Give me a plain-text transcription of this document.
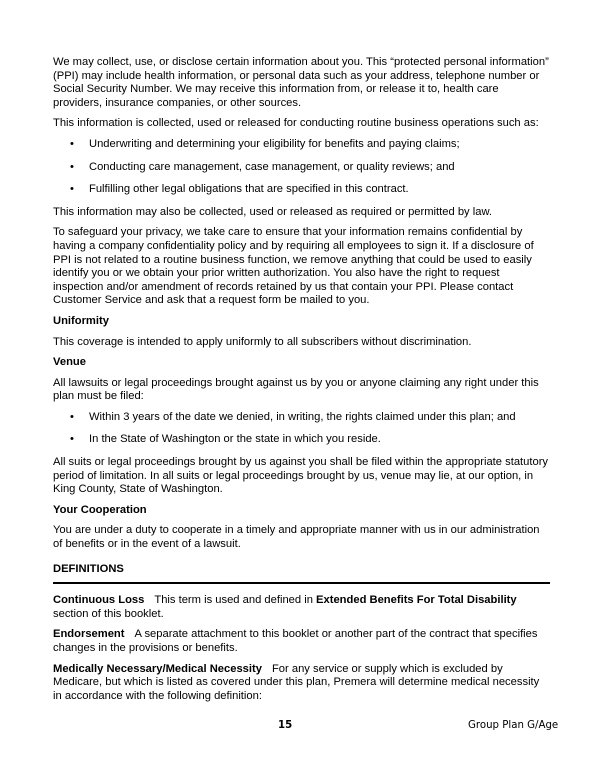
We may collect, use, or disclose certain information about you. This “protected personal information” (PPI) may include health information, or personal data such as your address, telephone number or Social Security Number. We may receive this information from, or release it to, health care providers, insurance companies, or other sources.

This information is collected, used or released for conducting routine business operations such as:

• Underwriting and determining your eligibility for benefits and paying claims;
• Conducting care management, case management, or quality reviews; and
• Fulfilling other legal obligations that are specified in this contract.

This information may also be collected, used or released as required or permitted by law.

To safeguard your privacy, we take care to ensure that your information remains confidential by having a company confidentiality policy and by requiring all employees to sign it. If a disclosure of PPI is not related to a routine business function, we remove anything that could be used to easily identify you or we obtain your prior written authorization. You also have the right to request inspection and/or amendment of records retained by us that contain your PPI. Please contact Customer Service and ask that a request form be mailed to you.

Uniformity

This coverage is intended to apply uniformly to all subscribers without discrimination.

Venue

All lawsuits or legal proceedings brought against us by you or anyone claiming any right under this plan must be filed:

• Within 3 years of the date we denied, in writing, the rights claimed under this plan; and
• In the State of Washington or the state in which you reside.

All suits or legal proceedings brought by us against you shall be filed within the appropriate statutory period of limitation. In all suits or legal proceedings brought by us, venue may lie, at our option, in King County, State of Washington.

Your Cooperation

You are under a duty to cooperate in a timely and appropriate manner with us in our administration of benefits or in the event of a lawsuit.

DEFINITIONS

Continuous Loss This term is used and defined in Extended Benefits For Total Disability section of this booklet.

Endorsement A separate attachment to this booklet or another part of the contract that specifies changes in the provisions or benefits.

Medically Necessary/Medical Necessity For any service or supply which is excluded by Medicare, but which is listed as covered under this plan, Premera will determine medical necessity in accordance with the following definition:

15	Group Plan G/Age
